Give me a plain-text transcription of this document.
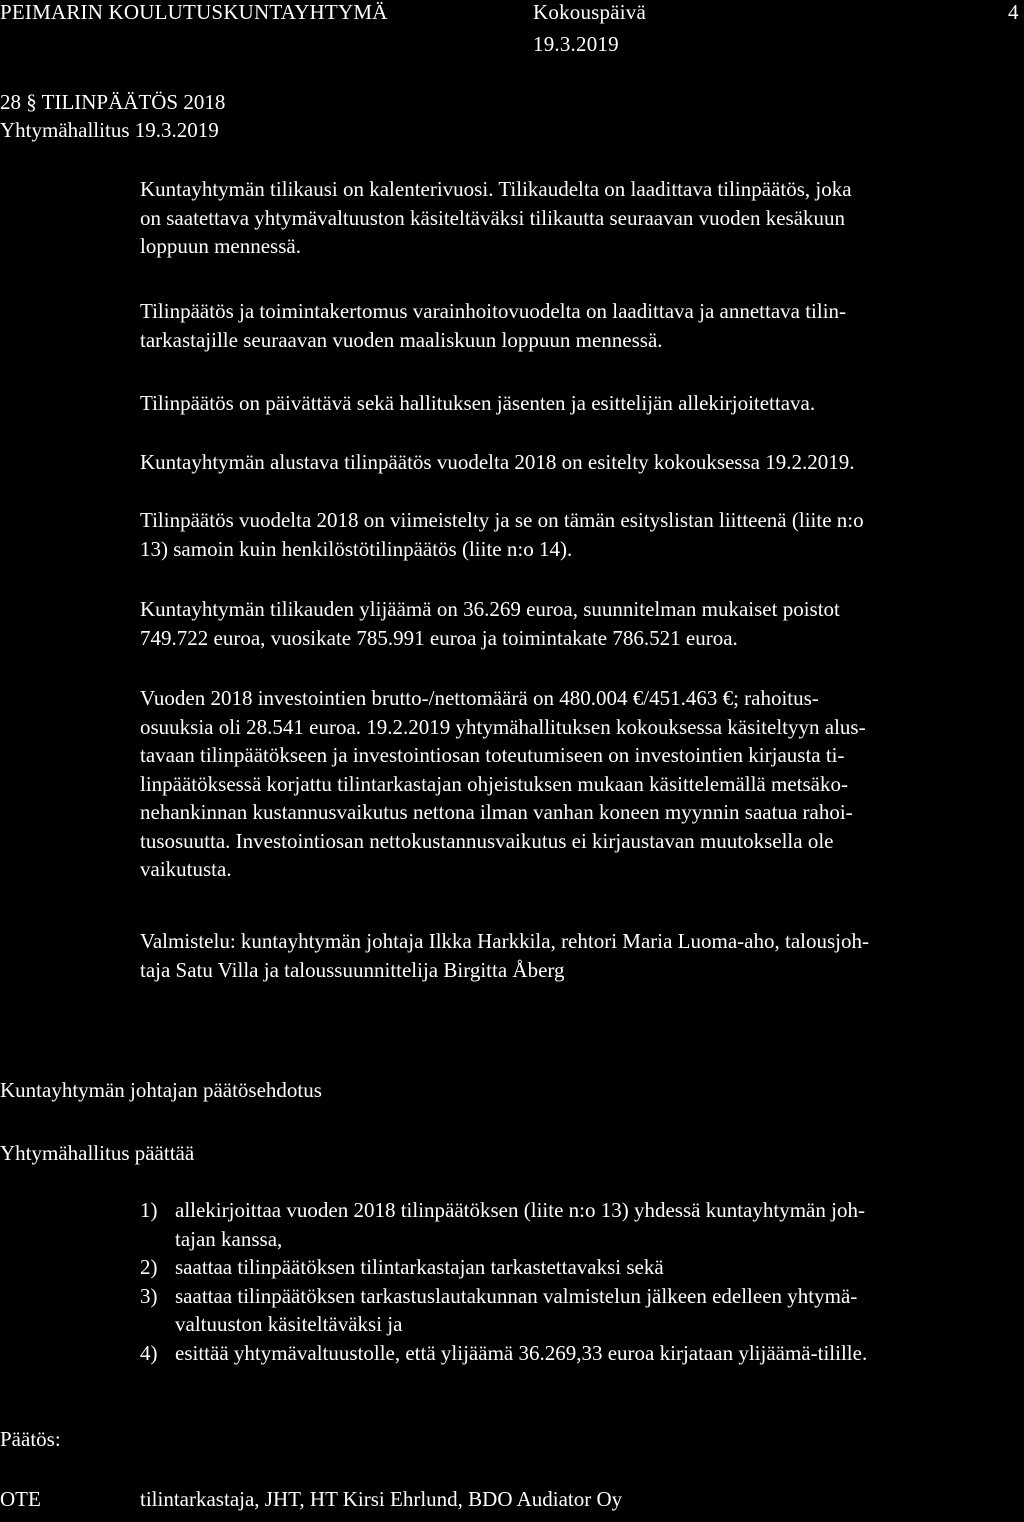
PEIMARIN KOULUTUSKUNTAYHTYMÄ	Kokouspäivä
19.3.2019
4
28 § TILINPÄÄTÖS 2018
Yhtymähallitus 19.3.2019
Kuntayhtymän tilikausi on kalenterivuosi. Tilikaudelta on laadittava tilinpäätös, joka
on saatettava yhtymävaltuuston käsiteltäväksi tilikautta seuraavan vuoden kesäkuun
loppuun mennessä.
Tilinpäätös ja toimintakertomus varainhoitovuodelta on laadittava ja annettava tilin-
tarkastajille seuraavan vuoden maaliskuun loppuun mennessä.
Tilinpäätös on päivättävä sekä hallituksen jäsenten ja esittelijän allekirjoitettava.
Kuntayhtymän alustava tilinpäätös vuodelta 2018 on esitelty kokouksessa 19.2.2019.
Tilinpäätös vuodelta 2018 on viimeistelty ja se on tämän esityslistan liitteenä (liite n:o
13) samoin kuin henkilöstötilinpäätös (liite n:o 14).
Kuntayhtymän tilikauden ylijäämä on 36.269 euroa, suunnitelman mukaiset poistot
749.722 euroa, vuosikate 785.991 euroa ja toimintakate 786.521 euroa.
Vuoden 2018 investointien brutto-/nettomäärä on 480.004 €/451.463 €; rahoitus-
osuuksia oli 28.541 euroa. 19.2.2019 yhtymähallituksen kokouksessa käsiteltyyn alus-
tavaan tilinpäätökseen ja investointiosan toteutumiseen on investointien kirjausta ti-
linpäätöksessä korjattu tilintarkastajan ohjeistuksen mukaan käsittelemällä metsäko-
nehankinnan kustannusvaikutus nettona ilman vanhan koneen myynnin saatua rahoi-
tusosuutta. Investointiosan nettokustannusvaikutus ei kirjaustavan muutoksella ole
vaikutusta.
Valmistelu: kuntayhtymän johtaja Ilkka Harkkila, rehtori Maria Luoma-aho, talousjoh-
taja Satu Villa ja taloussuunnittelija Birgitta Åberg
Kuntayhtymän johtajan päätösehdotus
Yhtymähallitus päättää
1) allekirjoittaa vuoden 2018 tilinpäätöksen (liite n:o 13) yhdessä kuntayhtymän joh-
tajan kanssa,
2) saattaa tilinpäätöksen tilintarkastajan tarkastettavaksi sekä
3) saattaa tilinpäätöksen tarkastuslautakunnan valmistelun jälkeen edelleen yhtymä-
valtuuston käsiteltäväksi ja
4) esittää yhtymävaltuustolle, että ylijäämä 36.269,33 euroa kirjataan ylijäämä-tilille.
Päätös:
OTE	tilintarkastaja, JHT, HT Kirsi Ehrlund, BDO Audiator Oy
